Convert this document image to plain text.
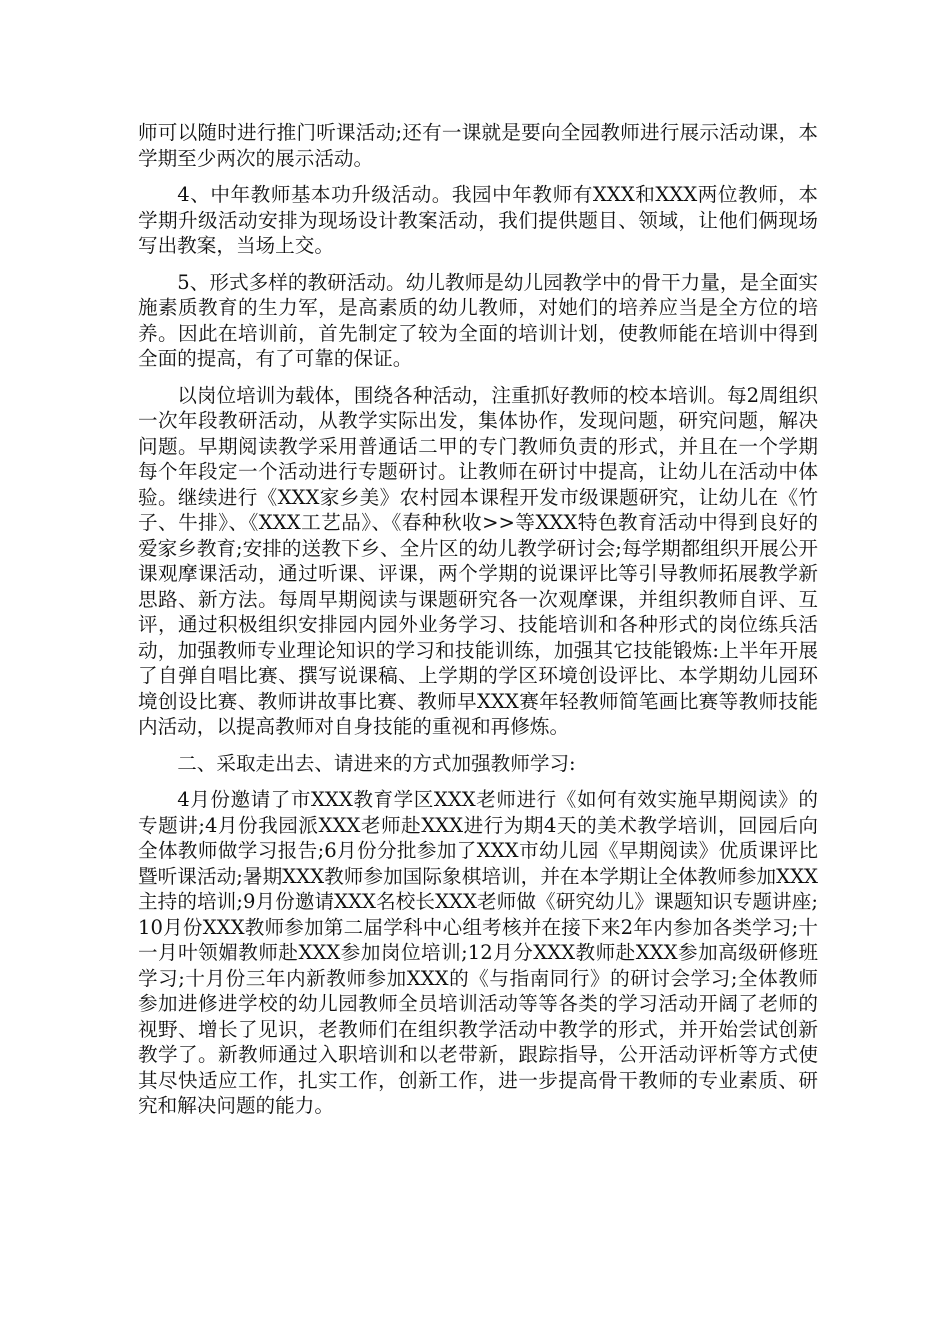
师可以随时进行推门听课活动;还有一课就是要向全园教师进行展示活动课，本学期至少两次的展示活动。

4、中年教师基本功升级活动。我园中年教师有XXX和XXX两位教师，本学期升级活动安排为现场设计教案活动，我们提供题目、领域，让他们俩现场写出教案，当场上交。

5、形式多样的教研活动。幼儿教师是幼儿园教学中的骨干力量，是全面实施素质教育的生力军，是高素质的幼儿教师，对她们的培养应当是全方位的培养。因此在培训前，首先制定了较为全面的培训计划，使教师能在培训中得到全面的提高，有了可靠的保证。

以岗位培训为载体，围绕各种活动，注重抓好教师的校本培训。每2周组织一次年段教研活动，从教学实际出发，集体协作，发现问题，研究问题，解决问题。早期阅读教学采用普通话二甲的专门教师负责的形式，并且在一个学期每个年段定一个活动进行专题研讨。让教师在研讨中提高，让幼儿在活动中体验。继续进行《XXX家乡美》农村园本课程开发市级课题研究，让幼儿在《竹子、牛排》、《XXX工艺品》、《春种秋收>>等XXX特色教育活动中得到良好的爱家乡教育;安排的送教下乡、全片区的幼儿教学研讨会;每学期都组织开展公开课观摩课活动，通过听课、评课，两个学期的说课评比等引导教师拓展教学新思路、新方法。每周早期阅读与课题研究各一次观摩课，并组织教师自评、互评，通过积极组织安排园内园外业务学习、技能培训和各种形式的岗位练兵活动，加强教师专业理论知识的学习和技能训练，加强其它技能锻炼:上半年开展了自弹自唱比赛、撰写说课稿、上学期的学区环境创设评比、本学期幼儿园环境创设比赛、教师讲故事比赛、教师早XXX赛年轻教师简笔画比赛等教师技能内活动，以提高教师对自身技能的重视和再修炼。

二、采取走出去、请进来的方式加强教师学习:

4月份邀请了市XXX教育学区XXX老师进行《如何有效实施早期阅读》的专题讲;4月份我园派XXX老师赴XXX进行为期4天的美术教学培训，回园后向全体教师做学习报告;6月份分批参加了XXX市幼儿园《早期阅读》优质课评比暨听课活动;暑期XXX教师参加国际象棋培训，并在本学期让全体教师参加XXX主持的培训;9月份邀请XXX名校长XXX老师做《研究幼儿》课题知识专题讲座;10月份XXX教师参加第二届学科中心组考核并在接下来2年内参加各类学习;十一月叶领媚教师赴XXX参加岗位培训;12月分XXX教师赴XXX参加高级研修班学习;十月份三年内新教师参加XXX的《与指南同行》的研讨会学习;全体教师参加进修进学校的幼儿园教师全员培训活动等等各类的学习活动开阔了老师的视野、增长了见识，老教师们在组织教学活动中教学的形式，并开始尝试创新教学了。新教师通过入职培训和以老带新，跟踪指导，公开活动评析等方式使其尽快适应工作，扎实工作，创新工作，进一步提高骨干教师的专业素质、研究和解决问题的能力。
